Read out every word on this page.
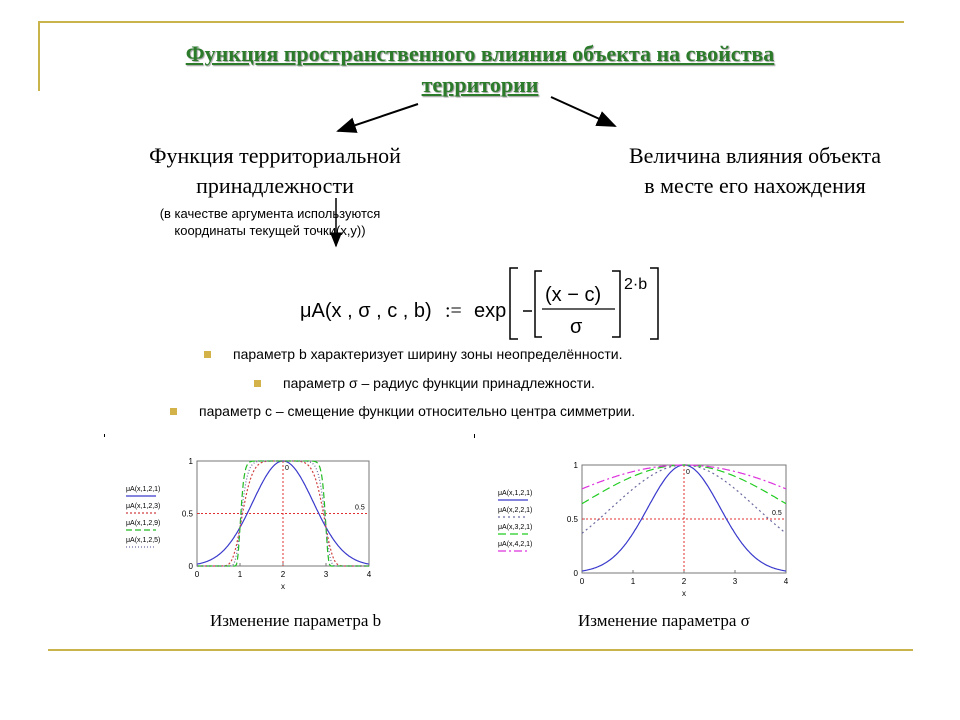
Функция пространственного влияния объекта на свойства
территории
Функция территориальной
принадлежности
(в качестве аргумента используются
координаты текущей точки(x,y))
Величина влияния объекта
в месте его нахождения
μA(x , σ , c , b) := exp
(x − c)
σ
2·b
параметр b характеризует ширину зоны неопределённости.
параметр σ – радиус функции принадлежности.
параметр c – смещение функции относительно центра симметрии.
0	1	2	3	4
0
0.5
1
x
0
0.5
μA(x,1,2,1)
μA(x,1,2,3)
μA(x,1,2,9)
μA(x,1,2,5)
0	1	2	3	4
0
0.5
1
x
0
0.5
μA(x,1,2,1)
μA(x,2,2,1)
μA(x,3,2,1)
μA(x,4,2,1)
Изменение параметра b	Изменение параметра σ
